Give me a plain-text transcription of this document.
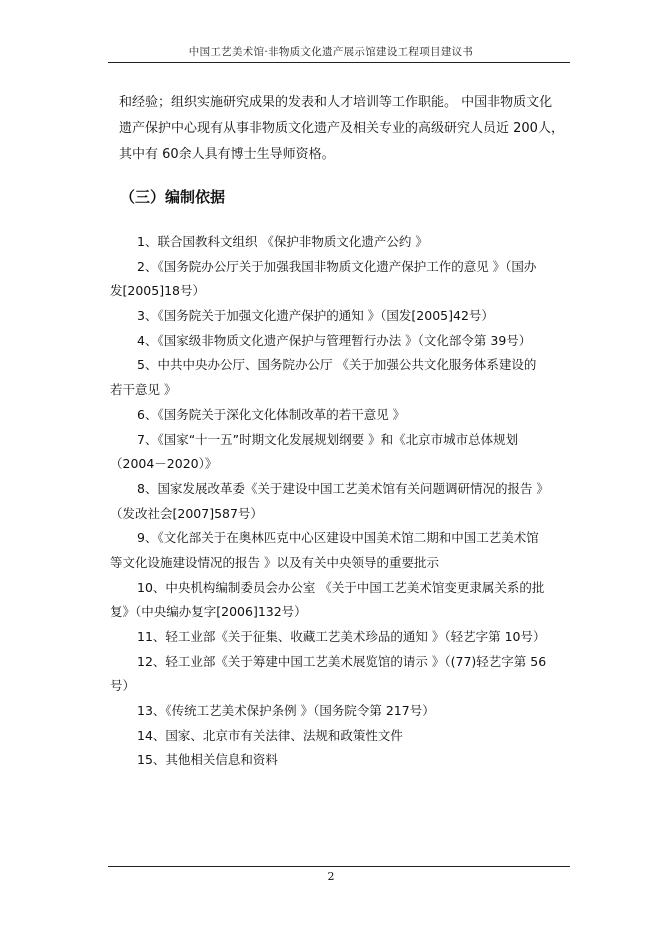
中国工艺美术馆·非物质文化遗产展示馆建设工程项目建议书
和经验；组织实施研究成果的发表和人才培训等工作职能。 中国非物质文化
遗产保护中心现有从事非物质文化遗产及相关专业的高级研究人员近 200人，
其中有 60余人具有博士生导师资格。
（三）编制依据
1、联合国教科文组织 《保护非物质文化遗产公约 》
2、《国务院办公厅关于加强我国非物质文化遗产保护工作的意见 》（国办
发[2005]18号）
3、《国务院关于加强文化遗产保护的通知 》（国发[2005]42号）
4、《国家级非物质文化遗产保护与管理暂行办法 》（文化部令第 39号）
5、中共中央办公厅、国务院办公厅 《关于加强公共文化服务体系建设的
若干意见 》
6、《国务院关于深化文化体制改革的若干意见 》
7、《国家“十一五”时期文化发展规划纲要 》和《北京市城市总体规划
（2004－2020）》
8、国家发展改革委《关于建设中国工艺美术馆有关问题调研情况的报告 》
（发改社会[2007]587号）
9、《文化部关于在奥林匹克中心区建设中国美术馆二期和中国工艺美术馆
等文化设施建设情况的报告 》以及有关中央领导的重要批示
10、中央机构编制委员会办公室 《关于中国工艺美术馆变更隶属关系的批
复》（中央编办复字[2006]132号）
11、轻工业部《关于征集、收藏工艺美术珍品的通知 》（轻艺字第 10号）
12、轻工业部《关于筹建中国工艺美术展览馆的请示 》（(77)轻艺字第 56
号）
13、《传统工艺美术保护条例 》（国务院令第 217号）
14、国家、北京市有关法律、法规和政策性文件
15、其他相关信息和资料
2
